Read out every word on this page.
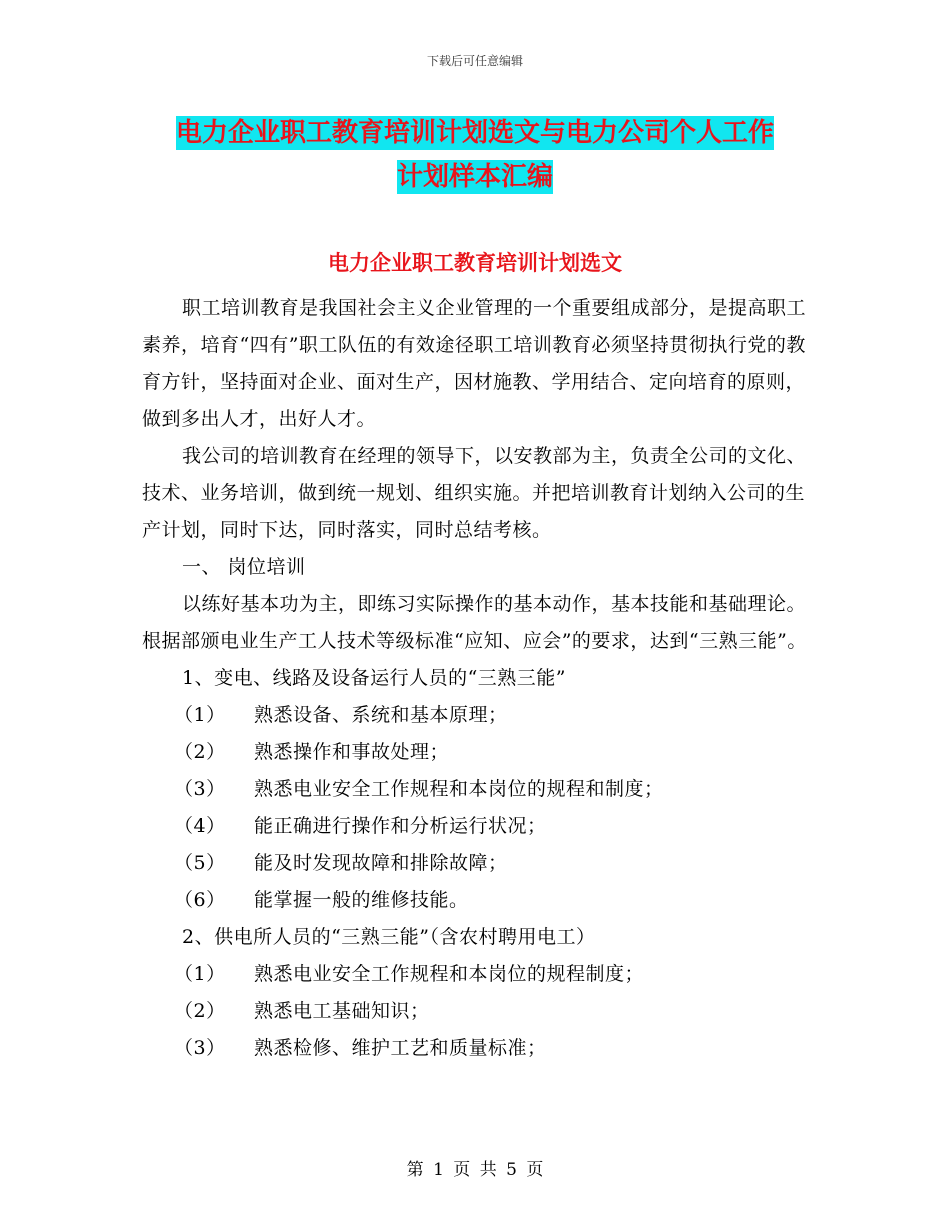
下载后可任意编辑
电力企业职工教育培训计划选文与电力公司个人工作
计划样本汇编
电力企业职工教育培训计划选文

职工培训教育是我国社会主义企业管理的一个重要组成部分，是提高职工素养，培育“四有”职工队伍的有效途径职工培训教育必须坚持贯彻执行党的教育方针，坚持面对企业、面对生产，因材施教、学用结合、定向培育的原则，做到多出人才，出好人才。

我公司的培训教育在经理的领导下，以安教部为主，负责全公司的文化、技术、业务培训，做到统一规划、组织实施。并把培训教育计划纳入公司的生产计划，同时下达，同时落实，同时总结考核。

一、 岗位培训

以练好基本功为主，即练习实际操作的基本动作，基本技能和基础理论。根据部颁电业生产工人技术等级标准“应知、应会”的要求，达到“三熟三能”。

1、变电、线路及设备运行人员的“三熟三能”

（1） 熟悉设备、系统和基本原理；

（2） 熟悉操作和事故处理；

（3） 熟悉电业安全工作规程和本岗位的规程和制度；

（4） 能正确进行操作和分析运行状况；

（5） 能及时发现故障和排除故障；

（6） 能掌握一般的维修技能。

2、供电所人员的“三熟三能”（含农村聘用电工）

（1） 熟悉电业安全工作规程和本岗位的规程制度；

（2） 熟悉电工基础知识；

（3） 熟悉检修、维护工艺和质量标准；

第 1 页 共 5 页
